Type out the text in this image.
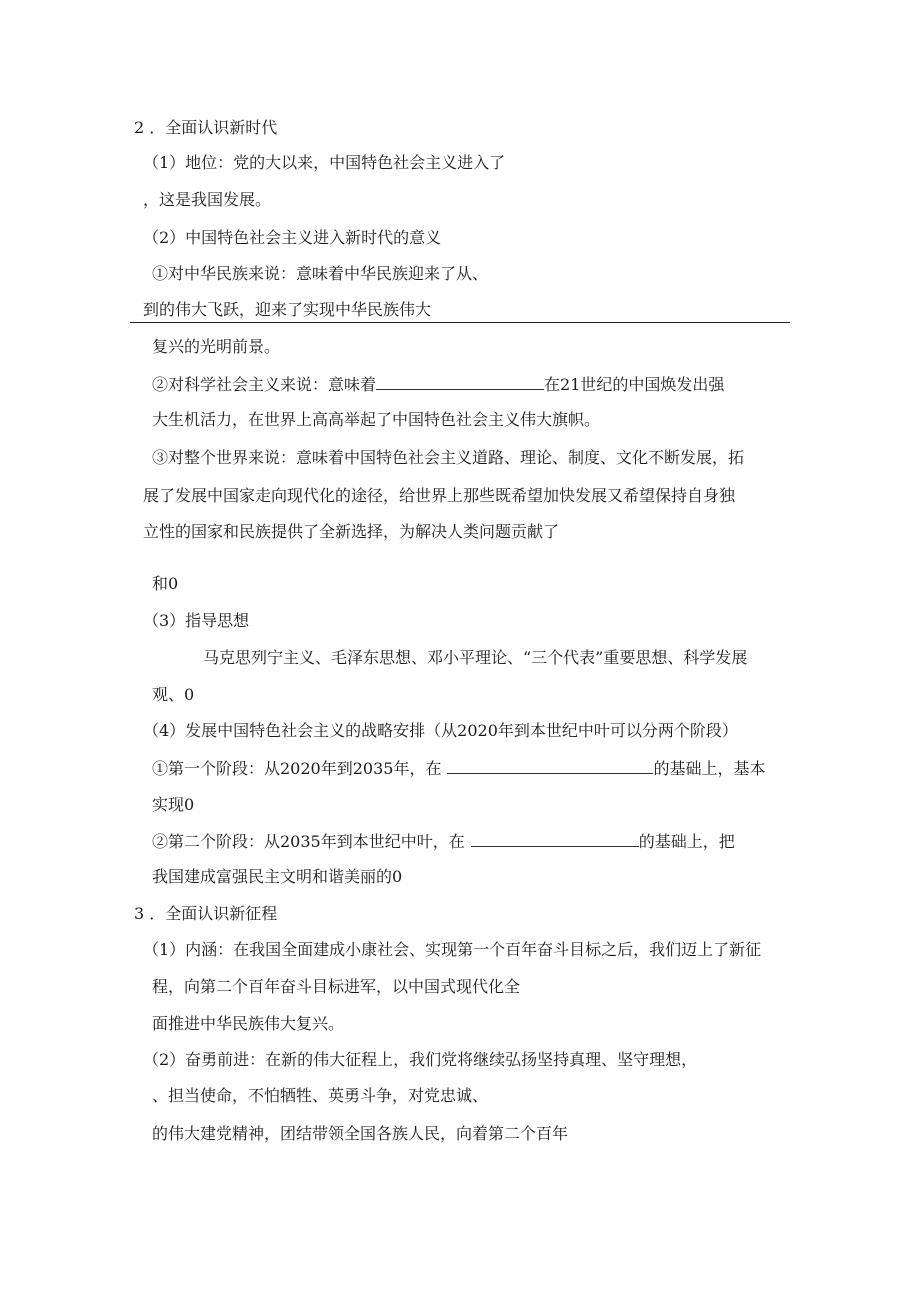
2 ．全面认识新时代
（1）地位：党的大以来，中国特色社会主义进入了
，这是我国发展。
（2）中国特色社会主义进入新时代的意义
①对中华民族来说：意味着中华民族迎来了从、
到的伟大飞跃，迎来了实现中华民族伟大
复兴的光明前景。
②对科学社会主义来说：意味着	在21世纪的中国焕发出强
大生机活力，在世界上高高举起了中国特色社会主义伟大旗帜。
③对整个世界来说：意味着中国特色社会主义道路、理论、制度、文化不断发展，拓
展了发展中国家走向现代化的途径，给世界上那些既希望加快发展又希望保持自身独
立性的国家和民族提供了全新选择，为解决人类问题贡献了
和0
（3）指导思想
马克思列宁主义、毛泽东思想、邓小平理论、“三个代表”重要思想、科学发展
观、0
（4）发展中国特色社会主义的战略安排（从2020年到本世纪中叶可以分两个阶段）
①第一个阶段：从2020年到2035年，在	的基础上，基本
实现0
②第二个阶段：从2035年到本世纪中叶，在	的基础上，把
我国建成富强民主文明和谐美丽的0
3 ．全面认识新征程
（1）内涵：在我国全面建成小康社会、实现第一个百年奋斗目标之后，我们迈上了新征
程，向第二个百年奋斗目标进军，以中国式现代化全
面推进中华民族伟大复兴。
（2）奋勇前进：在新的伟大征程上，我们党将继续弘扬坚持真理、坚守理想，
、担当使命，不怕牺牲、英勇斗争，对党忠诚、
的伟大建党精神，团结带领全国各族人民，向着第二个百年
